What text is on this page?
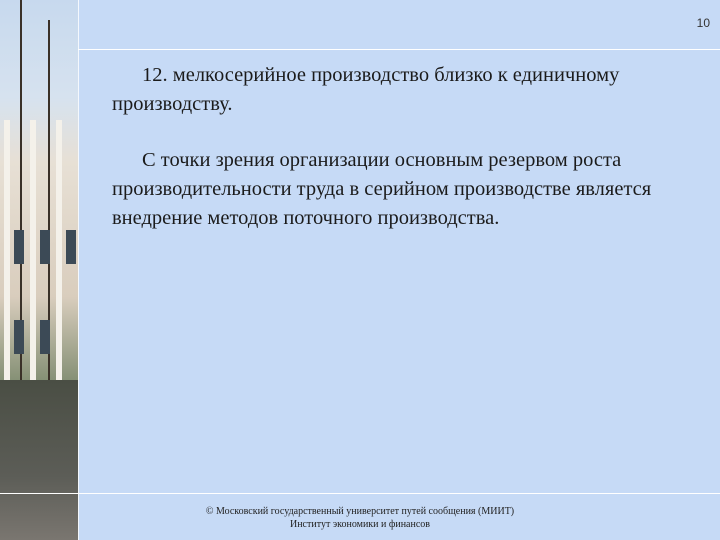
10
12. мелкосерийное производство близко к единичному производству.
С точки зрения организации основным резервом роста производительности труда в серийном производстве является внедрение методов поточного производства.
© Московский государственный университет путей сообщения (МИИТ)
Институт экономики и финансов
